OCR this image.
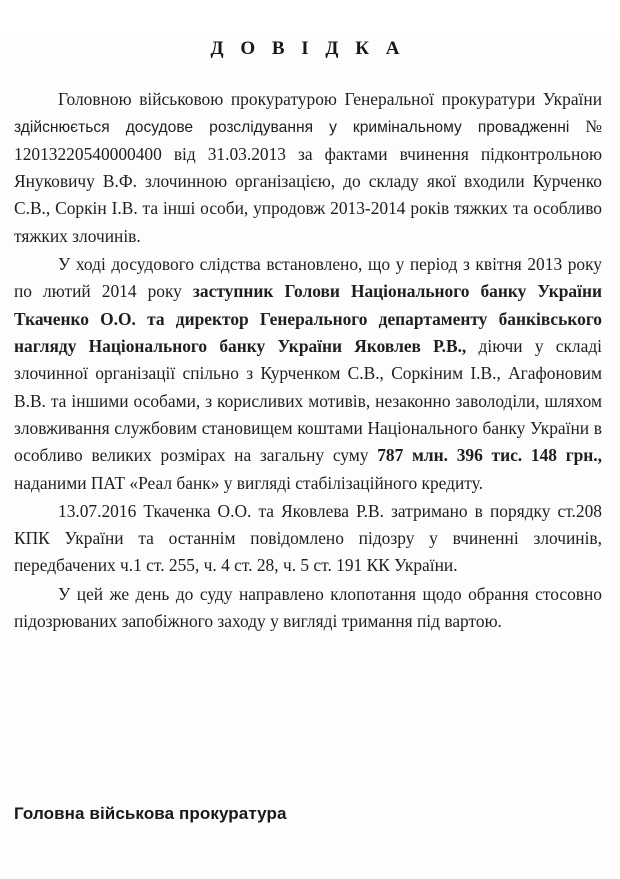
Д О В І Д К А

Головною військовою прокуратурою Генеральної прокуратури України здійснюється досудове розслідування у кримінальному провадженні № 12013220540000400 від 31.03.2013 за фактами вчинення підконтрольною Януковичу В.Ф. злочинною організацією, до складу якої входили Курченко С.В., Соркін І.В. та інші особи, упродовж 2013-2014 років тяжких та особливо тяжких злочинів.

У ході досудового слідства встановлено, що у період з квітня 2013 року по лютий 2014 року заступник Голови Національного банку України Ткаченко О.О. та директор Генерального департаменту банківського нагляду Національного банку України Яковлев Р.В., діючи у складі злочинної організації спільно з Курченком С.В., Соркіним І.В., Агафоновим В.В. та іншими особами, з корисливих мотивів, незаконно заволоділи, шляхом зловживання службовим становищем коштами Національного банку України в особливо великих розмірах на загальну суму 787 млн. 396 тис. 148 грн., наданими ПАТ «Реал банк» у вигляді стабілізаційного кредиту.

13.07.2016 Ткаченка О.О. та Яковлева Р.В. затримано в порядку ст.208 КПК України та останнім повідомлено підозру у вчиненні злочинів, передбачених ч.1 ст. 255, ч. 4 ст. 28, ч. 5 ст. 191 КК України.

У цей же день до суду направлено клопотання щодо обрання стосовно підозрюваних запобіжного заходу у вигляді тримання під вартою.

Головна військова прокуратура
